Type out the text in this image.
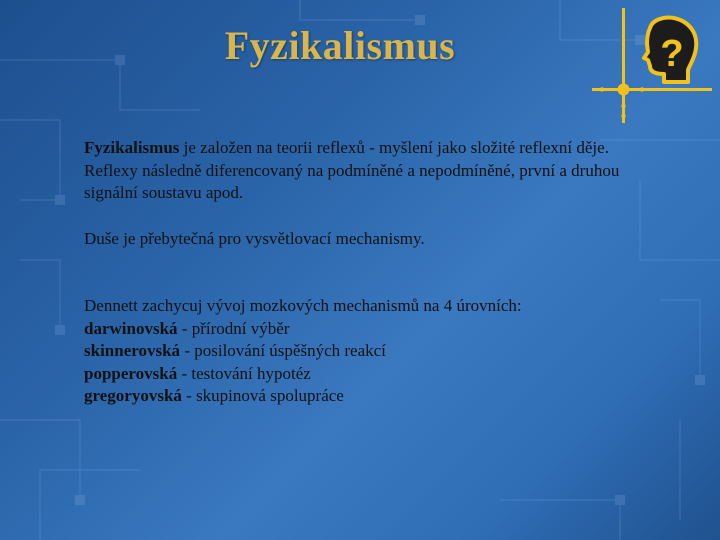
Fyzikalismus	?

Fyzikalismus je založen na teorii reflexů - myšlení jako složité reflexní děje. Reflexy následně diferencovaný na podmíněné a nepodmíněné, první a druhou signální soustavu apod.

Duše je přebytečná pro vysvětlovací mechanismy.

Dennett zachycuj vývoj mozkových mechanismů na 4 úrovních:

darwinovská - přírodní výběr
skinnerovská - posilování úspěšných reakcí
popperovská - testování hypotéz
gregoryovská - skupinová spolupráce
